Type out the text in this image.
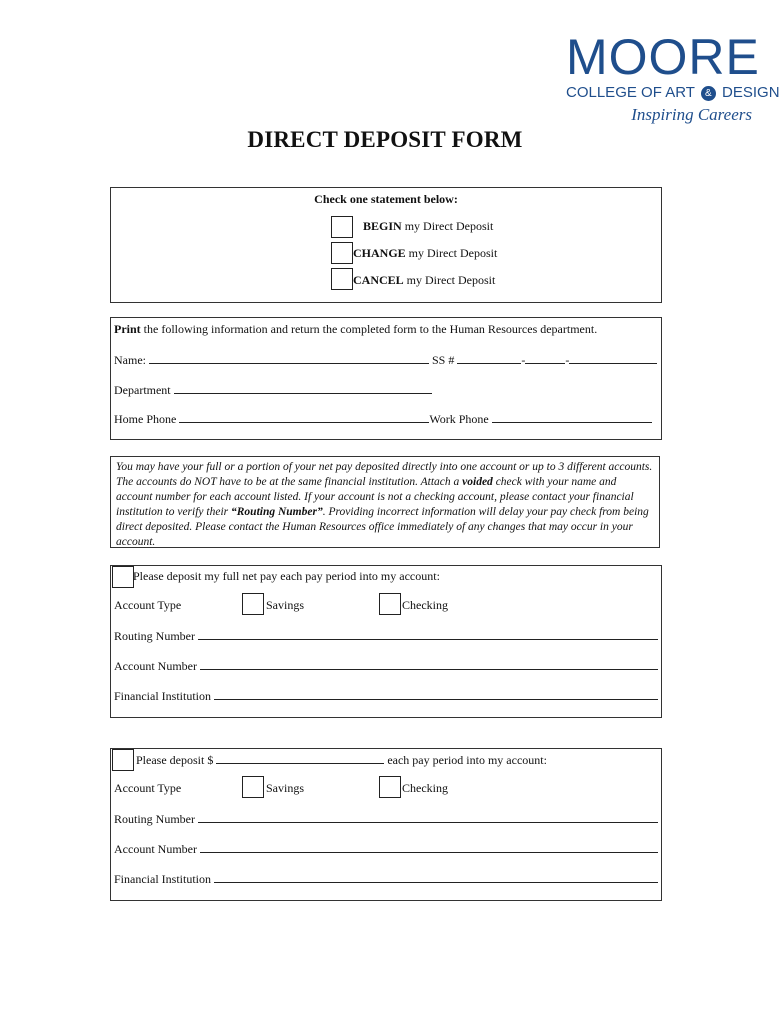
MOORE
COLLEGE OF ART & DESIGN
Inspiring Careers
DIRECT DEPOSIT FORM
Check one statement below:
BEGIN my Direct Deposit
CHANGE my Direct Deposit
CANCEL my Direct Deposit
Print the following information and return the completed form to the Human Resources department.
Name:	SS #	-	-
Department
Home Phone	Work Phone
You may have your full or a portion of your net pay deposited directly into one account or up to 3 different accounts. The accounts do NOT have to be at the same financial institution. Attach a voided check with your name and account number for each account listed. If your account is not a checking account, please contact your financial institution to verify their “Routing Number”. Providing incorrect information will delay your pay check from being direct deposited. Please contact the Human Resources office immediately of any changes that may occur in your account.
Please deposit my full net pay each pay period into my account:
Account Type	Savings	Checking
Routing Number
Account Number
Financial Institution
Please deposit $	each pay period into my account:
Account Type	Savings	Checking
Routing Number
Account Number
Financial Institution
